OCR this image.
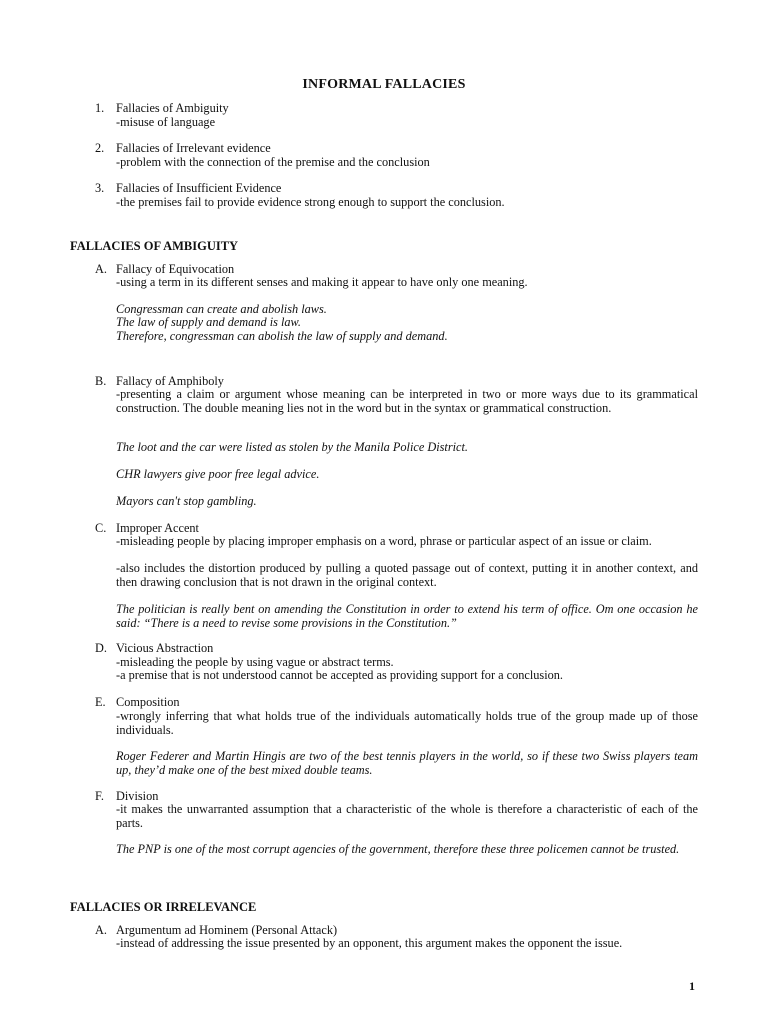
INFORMAL FALLACIES
1. Fallacies of Ambiguity
-misuse of language
2. Fallacies of Irrelevant evidence
-problem with the connection of the premise and the conclusion
3. Fallacies of Insufficient Evidence
-the premises fail to provide evidence strong enough to support the conclusion.
FALLACIES OF AMBIGUITY
A. Fallacy of Equivocation
-using a term in its different senses and making it appear to have only one meaning.
Congressman can create and abolish laws.
The law of supply and demand is law.
Therefore, congressman can abolish the law of supply and demand.
B. Fallacy of Amphiboly
-presenting a claim or argument whose meaning can be interpreted in two or more ways due to its grammatical construction. The double meaning lies not in the word but in the syntax or grammatical construction.
The loot and the car were listed as stolen by the Manila Police District.
CHR lawyers give poor free legal advice.
Mayors can't stop gambling.
C. Improper Accent
-misleading people by placing improper emphasis on a word, phrase or particular aspect of an issue or claim.
-also includes the distortion produced by pulling a quoted passage out of context, putting it in another context, and then drawing conclusion that is not drawn in the original context.
The politician is really bent on amending the Constitution in order to extend his term of office. Om one occasion he said: “There is a need to revise some provisions in the Constitution.”
D. Vicious Abstraction
-misleading the people by using vague or abstract terms.
-a premise that is not understood cannot be accepted as providing support for a conclusion.
E. Composition
-wrongly inferring that what holds true of the individuals automatically holds true of the group made up of those individuals.
Roger Federer and Martin Hingis are two of the best tennis players in the world, so if these two Swiss players team up, they’d make one of the best mixed double teams.
F. Division
-it makes the unwarranted assumption that a characteristic of the whole is therefore a characteristic of each of the parts.
The PNP is one of the most corrupt agencies of the government, therefore these three policemen cannot be trusted.
FALLACIES OR IRRELEVANCE
A. Argumentum ad Hominem (Personal Attack)
-instead of addressing the issue presented by an opponent, this argument makes the opponent the issue.
1
